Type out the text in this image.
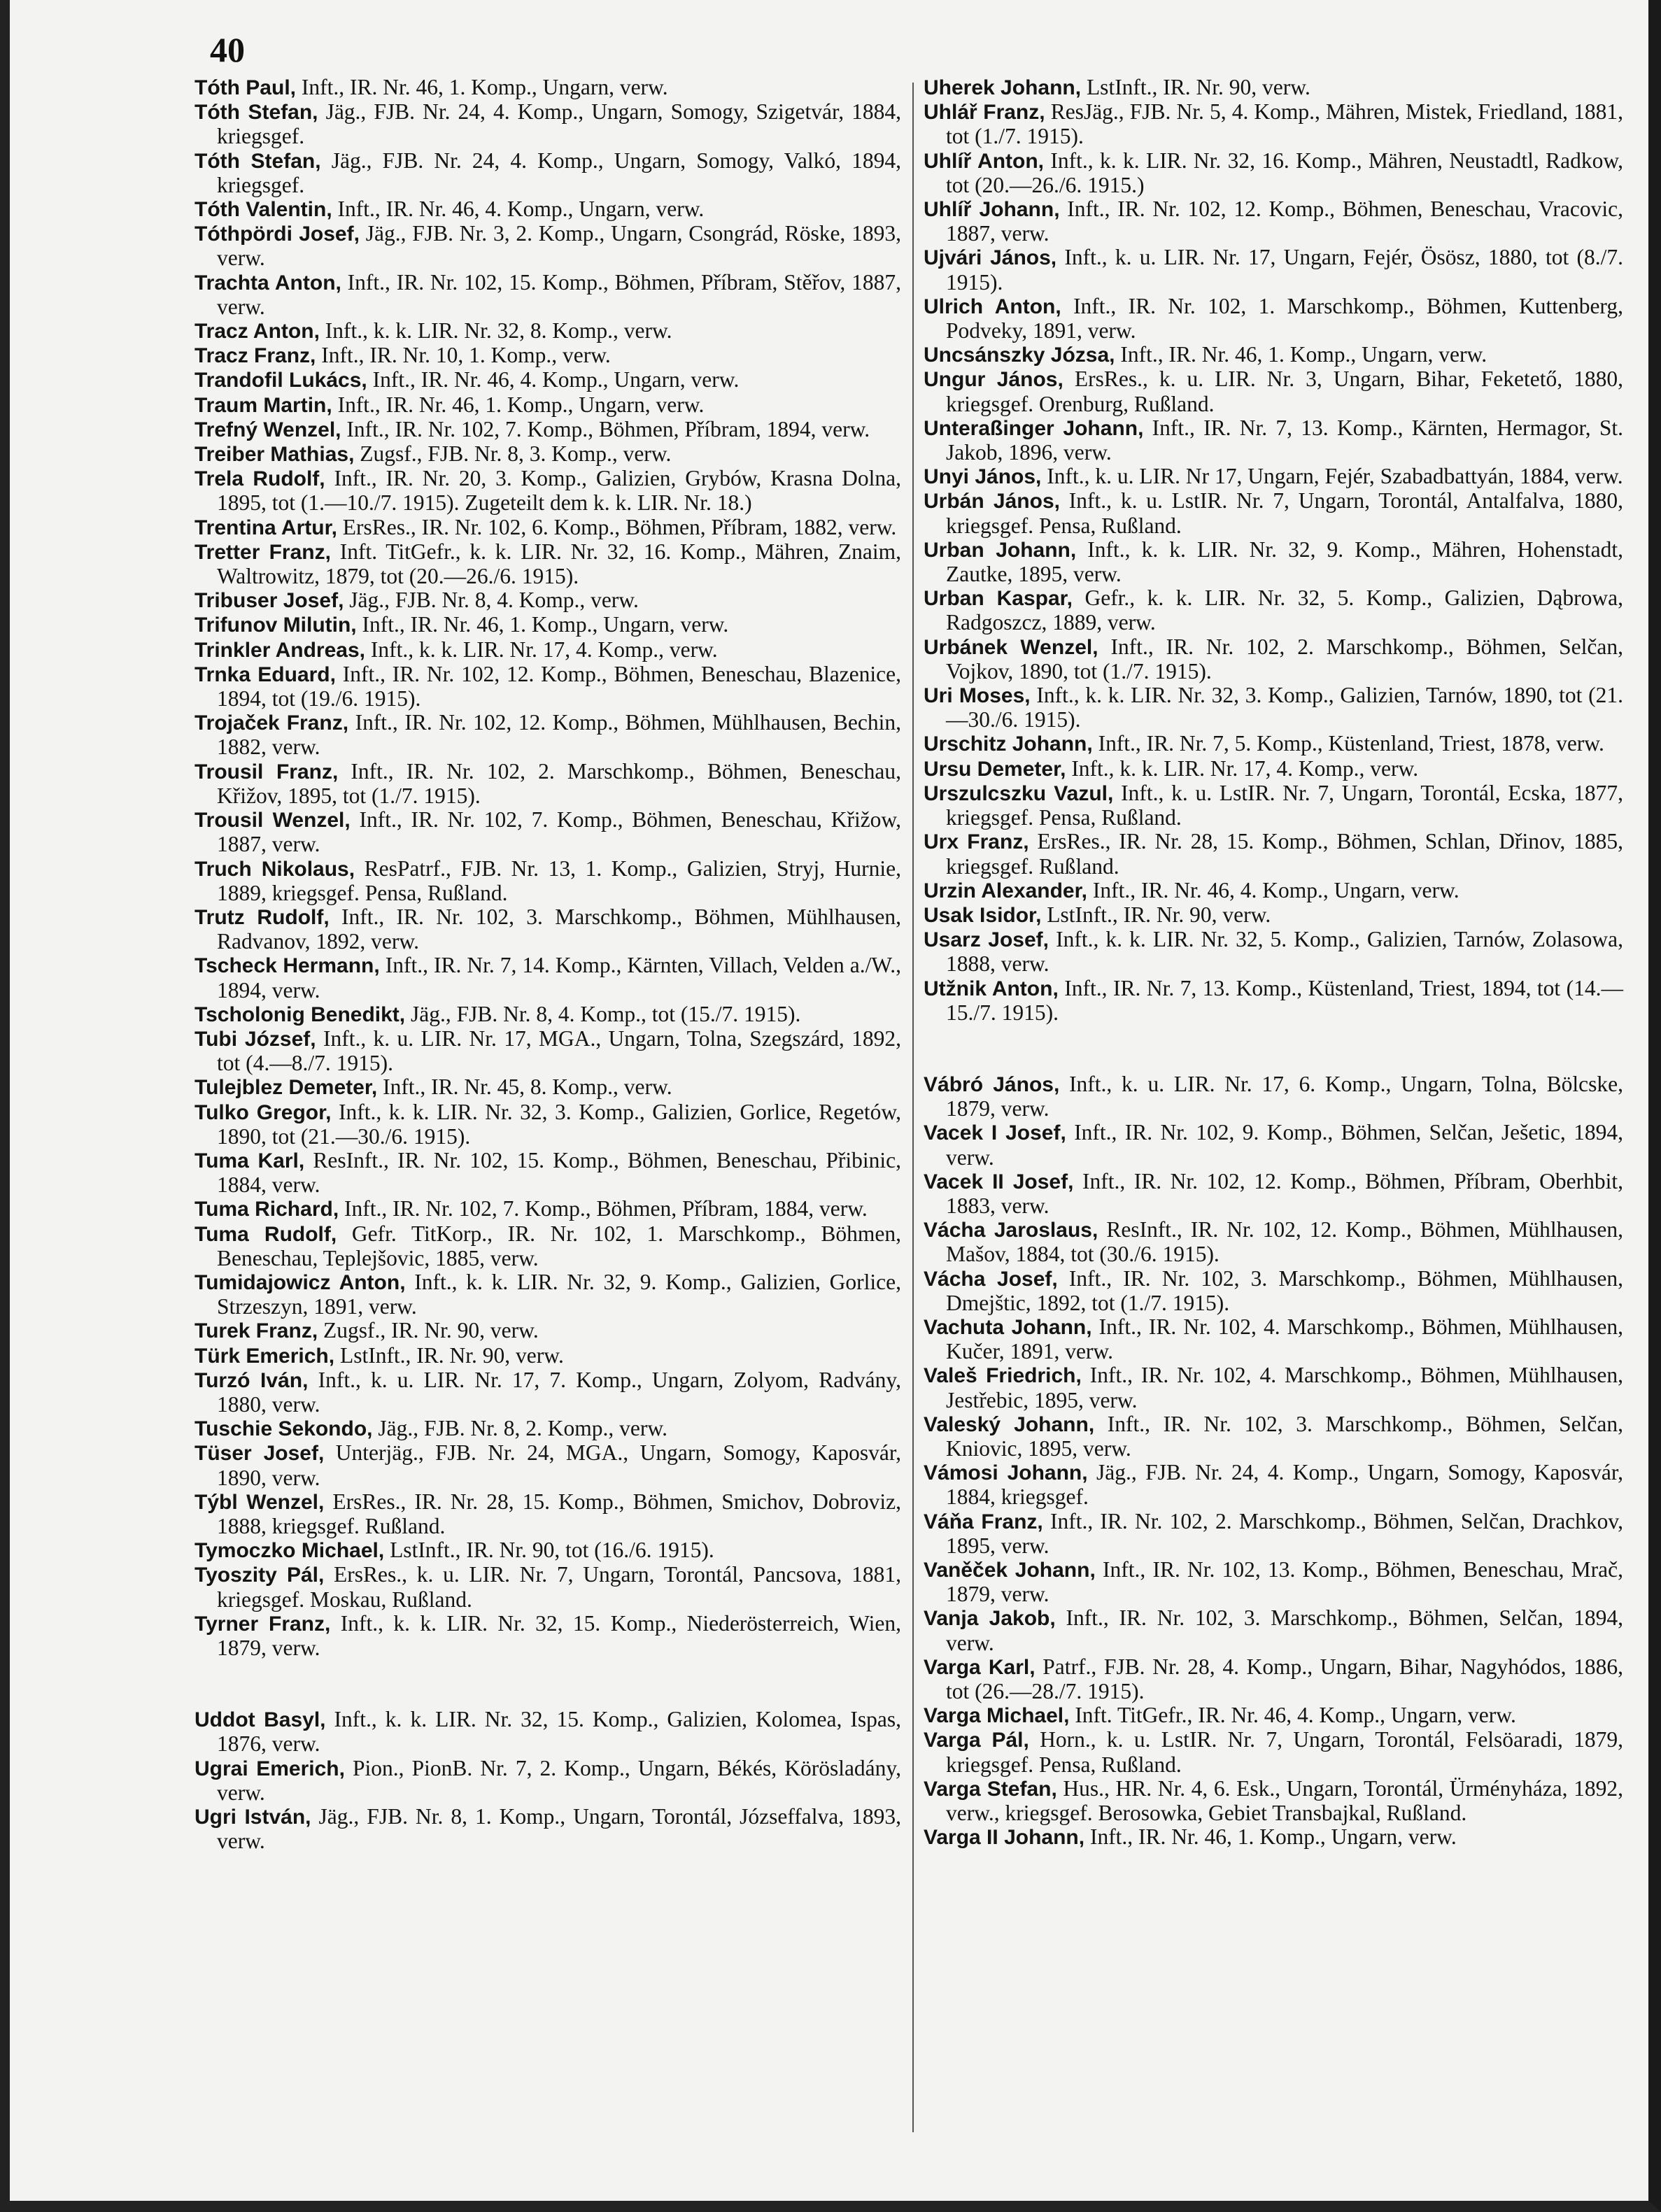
40
Tóth Paul, Inft., IR. Nr. 46, 1. Komp., Ungarn, verw.
Tóth Stefan, Jäg., FJB. Nr. 24, 4. Komp., Ungarn, Somogy, Szigetvár, 1884, kriegsgef.
Tóth Stefan, Jäg., FJB. Nr. 24, 4. Komp., Ungarn, Somogy, Valkó, 1894, kriegsgef.
Tóth Valentin, Inft., IR. Nr. 46, 4. Komp., Ungarn, verw.
Tóthpördi Josef, Jäg., FJB. Nr. 3, 2. Komp., Ungarn, Csongrád, Röske, 1893, verw.
Trachta Anton, Inft., IR. Nr. 102, 15. Komp., Böhmen, Příbram, Stěřov, 1887, verw.
Tracz Anton, Inft., k. k. LIR. Nr. 32, 8. Komp., verw.
Tracz Franz, Inft., IR. Nr. 10, 1. Komp., verw.
Trandofil Lukács, Inft., IR. Nr. 46, 4. Komp., Ungarn, verw.
Traum Martin, Inft., IR. Nr. 46, 1. Komp., Ungarn, verw.
Trefný Wenzel, Inft., IR. Nr. 102, 7. Komp., Böhmen, Příbram, 1894, verw.
Treiber Mathias, Zugsf., FJB. Nr. 8, 3. Komp., verw.
Trela Rudolf, Inft., IR. Nr. 20, 3. Komp., Galizien, Grybów, Krasna Dolna, 1895, tot (1.—10./7. 1915). Zugeteilt dem k. k. LIR. Nr. 18.)
Trentina Artur, ErsRes., IR. Nr. 102, 6. Komp., Böhmen, Příbram, 1882, verw.
Tretter Franz, Inft. TitGefr., k. k. LIR. Nr. 32, 16. Komp., Mähren, Znaim, Waltrowitz, 1879, tot (20.—26./6. 1915).
Tribuser Josef, Jäg., FJB. Nr. 8, 4. Komp., verw.
Trifunov Milutin, Inft., IR. Nr. 46, 1. Komp., Ungarn, verw.
Trinkler Andreas, Inft., k. k. LIR. Nr. 17, 4. Komp., verw.
Trnka Eduard, Inft., IR. Nr. 102, 12. Komp., Böhmen, Beneschau, Blazenice, 1894, tot (19./6. 1915).
Trojaček Franz, Inft., IR. Nr. 102, 12. Komp., Böhmen, Mühlhausen, Bechin, 1882, verw.
Trousil Franz, Inft., IR. Nr. 102, 2. Marschkomp., Böhmen, Beneschau, Křižov, 1895, tot (1./7. 1915).
Trousil Wenzel, Inft., IR. Nr. 102, 7. Komp., Böhmen, Beneschau, Křižow, 1887, verw.
Truch Nikolaus, ResPatrf., FJB. Nr. 13, 1. Komp., Galizien, Stryj, Hurnie, 1889, kriegsgef. Pensa, Rußland.
Trutz Rudolf, Inft., IR. Nr. 102, 3. Marschkomp., Böhmen, Mühlhausen, Radvanov, 1892, verw.
Tscheck Hermann, Inft., IR. Nr. 7, 14. Komp., Kärnten, Villach, Velden a./W., 1894, verw.
Tscholonig Benedikt, Jäg., FJB. Nr. 8, 4. Komp., tot (15./7. 1915).
Tubi József, Inft., k. u. LIR. Nr. 17, MGA., Ungarn, Tolna, Szegszárd, 1892, tot (4.—8./7. 1915).
Tulejblez Demeter, Inft., IR. Nr. 45, 8. Komp., verw.
Tulko Gregor, Inft., k. k. LIR. Nr. 32, 3. Komp., Galizien, Gorlice, Regetów, 1890, tot (21.—30./6. 1915).
Tuma Karl, ResInft., IR. Nr. 102, 15. Komp., Böhmen, Beneschau, Přibinic, 1884, verw.
Tuma Richard, Inft., IR. Nr. 102, 7. Komp., Böhmen, Příbram, 1884, verw.
Tuma Rudolf, Gefr. TitKorp., IR. Nr. 102, 1. Marschkomp., Böhmen, Beneschau, Teplejšovic, 1885, verw.
Tumidajowicz Anton, Inft., k. k. LIR. Nr. 32, 9. Komp., Galizien, Gorlice, Strzeszyn, 1891, verw.
Turek Franz, Zugsf., IR. Nr. 90, verw.
Türk Emerich, LstInft., IR. Nr. 90, verw.
Turzó Iván, Inft., k. u. LIR. Nr. 17, 7. Komp., Ungarn, Zolyom, Radvány, 1880, verw.
Tuschie Sekondo, Jäg., FJB. Nr. 8, 2. Komp., verw.
Tüser Josef, Unterjäg., FJB. Nr. 24, MGA., Ungarn, Somogy, Kaposvár, 1890, verw.
Týbl Wenzel, ErsRes., IR. Nr. 28, 15. Komp., Böhmen, Smichov, Dobroviz, 1888, kriegsgef. Rußland.
Tymoczko Michael, LstInft., IR. Nr. 90, tot (16./6. 1915).
Tyoszity Pál, ErsRes., k. u. LIR. Nr. 7, Ungarn, Torontál, Pancsova, 1881, kriegsgef. Moskau, Rußland.
Tyrner Franz, Inft., k. k. LIR. Nr. 32, 15. Komp., Niederösterreich, Wien, 1879, verw.
Uddot Basyl, Inft., k. k. LIR. Nr. 32, 15. Komp., Galizien, Kolomea, Ispas, 1876, verw.
Ugrai Emerich, Pion., PionB. Nr. 7, 2. Komp., Ungarn, Békés, Körösladány, verw.
Ugri István, Jäg., FJB. Nr. 8, 1. Komp., Ungarn, Torontál, Józseffalva, 1893, verw.
Uherek Johann, LstInft., IR. Nr. 90, verw.
Uhlář Franz, ResJäg., FJB. Nr. 5, 4. Komp., Mähren, Mistek, Friedland, 1881, tot (1./7. 1915).
Uhlíř Anton, Inft., k. k. LIR. Nr. 32, 16. Komp., Mähren, Neustadtl, Radkow, tot (20.—26./6. 1915.)
Uhlíř Johann, Inft., IR. Nr. 102, 12. Komp., Böhmen, Beneschau, Vracovic, 1887, verw.
Ujvári János, Inft., k. u. LIR. Nr. 17, Ungarn, Fejér, Ösösz, 1880, tot (8./7. 1915).
Ulrich Anton, Inft., IR. Nr. 102, 1. Marschkomp., Böhmen, Kuttenberg, Podveky, 1891, verw.
Uncsánszky Józsa, Inft., IR. Nr. 46, 1. Komp., Ungarn, verw.
Ungur János, ErsRes., k. u. LIR. Nr. 3, Ungarn, Bihar, Feketető, 1880, kriegsgef. Orenburg, Rußland.
Unteraßinger Johann, Inft., IR. Nr. 7, 13. Komp., Kärnten, Hermagor, St. Jakob, 1896, verw.
Unyi János, Inft., k. u. LIR. Nr 17, Ungarn, Fejér, Szabadbattyán, 1884, verw.
Urbán János, Inft., k. u. LstIR. Nr. 7, Ungarn, Torontál, Antalfalva, 1880, kriegsgef. Pensa, Rußland.
Urban Johann, Inft., k. k. LIR. Nr. 32, 9. Komp., Mähren, Hohenstadt, Zautke, 1895, verw.
Urban Kaspar, Gefr., k. k. LIR. Nr. 32, 5. Komp., Galizien, Dąbrowa, Radgoszcz, 1889, verw.
Urbánek Wenzel, Inft., IR. Nr. 102, 2. Marschkomp., Böhmen, Selčan, Vojkov, 1890, tot (1./7. 1915).
Uri Moses, Inft., k. k. LIR. Nr. 32, 3. Komp., Galizien, Tarnów, 1890, tot (21.—30./6. 1915).
Urschitz Johann, Inft., IR. Nr. 7, 5. Komp., Küstenland, Triest, 1878, verw.
Ursu Demeter, Inft., k. k. LIR. Nr. 17, 4. Komp., verw.
Urszulcszku Vazul, Inft., k. u. LstIR. Nr. 7, Ungarn, Torontál, Ecska, 1877, kriegsgef. Pensa, Rußland.
Urx Franz, ErsRes., IR. Nr. 28, 15. Komp., Böhmen, Schlan, Dřinov, 1885, kriegsgef. Rußland.
Urzin Alexander, Inft., IR. Nr. 46, 4. Komp., Ungarn, verw.
Usak Isidor, LstInft., IR. Nr. 90, verw.
Usarz Josef, Inft., k. k. LIR. Nr. 32, 5. Komp., Galizien, Tarnów, Zolasowa, 1888, verw.
Utžnik Anton, Inft., IR. Nr. 7, 13. Komp., Küstenland, Triest, 1894, tot (14.—15./7. 1915).
Vábró János, Inft., k. u. LIR. Nr. 17, 6. Komp., Ungarn, Tolna, Bölcske, 1879, verw.
Vacek I Josef, Inft., IR. Nr. 102, 9. Komp., Böhmen, Selčan, Ješetic, 1894, verw.
Vacek II Josef, Inft., IR. Nr. 102, 12. Komp., Böhmen, Příbram, Oberhbit, 1883, verw.
Vácha Jaroslaus, ResInft., IR. Nr. 102, 12. Komp., Böhmen, Mühlhausen, Mašov, 1884, tot (30./6. 1915).
Vácha Josef, Inft., IR. Nr. 102, 3. Marschkomp., Böhmen, Mühlhausen, Dmejštic, 1892, tot (1./7. 1915).
Vachuta Johann, Inft., IR. Nr. 102, 4. Marschkomp., Böhmen, Mühlhausen, Kučer, 1891, verw.
Valeš Friedrich, Inft., IR. Nr. 102, 4. Marschkomp., Böhmen, Mühlhausen, Jestřebic, 1895, verw.
Valeský Johann, Inft., IR. Nr. 102, 3. Marschkomp., Böhmen, Selčan, Kniovic, 1895, verw.
Vámosi Johann, Jäg., FJB. Nr. 24, 4. Komp., Ungarn, Somogy, Kaposvár, 1884, kriegsgef.
Váňa Franz, Inft., IR. Nr. 102, 2. Marschkomp., Böhmen, Selčan, Drachkov, 1895, verw.
Vaněček Johann, Inft., IR. Nr. 102, 13. Komp., Böhmen, Beneschau, Mrač, 1879, verw.
Vanja Jakob, Inft., IR. Nr. 102, 3. Marschkomp., Böhmen, Selčan, 1894, verw.
Varga Karl, Patrf., FJB. Nr. 28, 4. Komp., Ungarn, Bihar, Nagyhódos, 1886, tot (26.—28./7. 1915).
Varga Michael, Inft. TitGefr., IR. Nr. 46, 4. Komp., Ungarn, verw.
Varga Pál, Horn., k. u. LstIR. Nr. 7, Ungarn, Torontál, Felsöaradi, 1879, kriegsgef. Pensa, Rußland.
Varga Stefan, Hus., HR. Nr. 4, 6. Esk., Ungarn, Torontál, Ürményháza, 1892, verw., kriegsgef. Berosowka, Gebiet Transbajkal, Rußland.
Varga II Johann, Inft., IR. Nr. 46, 1. Komp., Ungarn, verw.
